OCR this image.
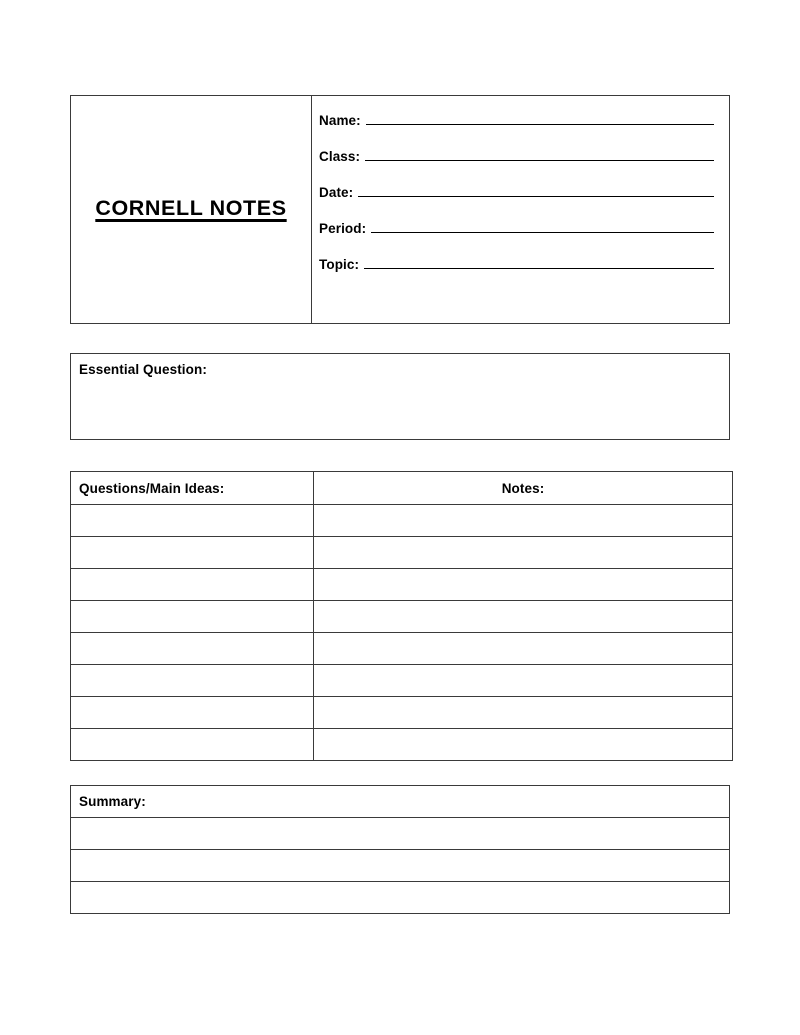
CORNELL NOTES
Name:
Class:
Date:
Period:
Topic:
Essential Question:
Questions/Main Ideas:	Notes:

Summary:
